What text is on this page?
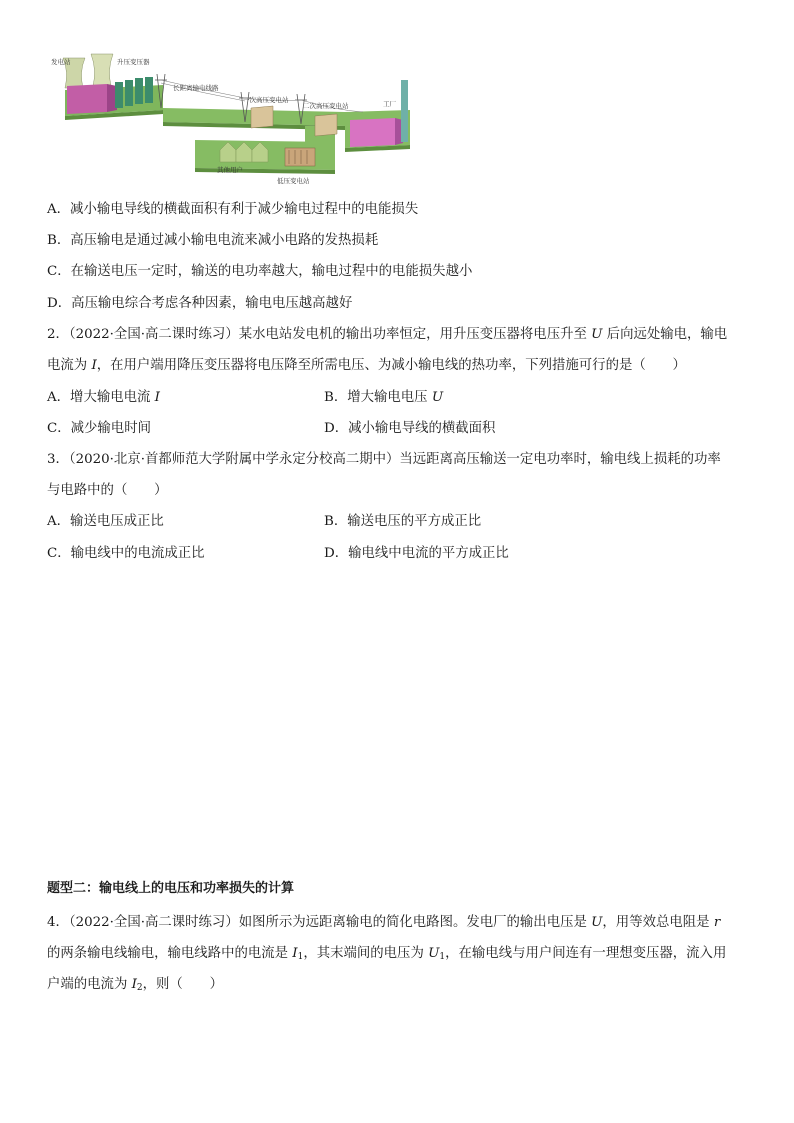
发电站	升压变压器
长距离输电线路
一次高压变电站
二次高压变电站	工厂
其他用户
低压变电站
A．减小输电导线的横截面积有利于减少输电过程中的电能损失
B．高压输电是通过减小输电电流来减小电路的发热损耗
C．在输送电压一定时，输送的电功率越大，输电过程中的电能损失越小
D．高压输电综合考虑各种因素，输电电压越高越好
2．（2022·全国·高二课时练习）某水电站发电机的输出功率恒定，用升压变压器将电压升至 U 后向远处输电，输电
电流为 I，在用户端用降压变压器将电压降至所需电压、为减小输电线的热功率，下列措施可行的是（　　）
A．增大输电电流 I	B．增大输电电压 U
C．减少输电时间	D．减小输电导线的横截面积
3．（2020·北京·首都师范大学附属中学永定分校高二期中）当远距离高压输送一定电功率时，输电线上损耗的功率
与电路中的（　　）
A．输送电压成正比	B．输送电压的平方成正比
C．输电线中的电流成正比	D．输电线中电流的平方成正比
题型二：输电线上的电压和功率损失的计算
4．（2022·全国·高二课时练习）如图所示为远距离输电的简化电路图。发电厂的输出电压是 U，用等效总电阻是 r
的两条输电线输电，输电线路中的电流是 $I_1$，其末端间的电压为 $U_1$，在输电线与用户间连有一理想变压器，流入用
户端的电流为 $I_2$，则（　　）
